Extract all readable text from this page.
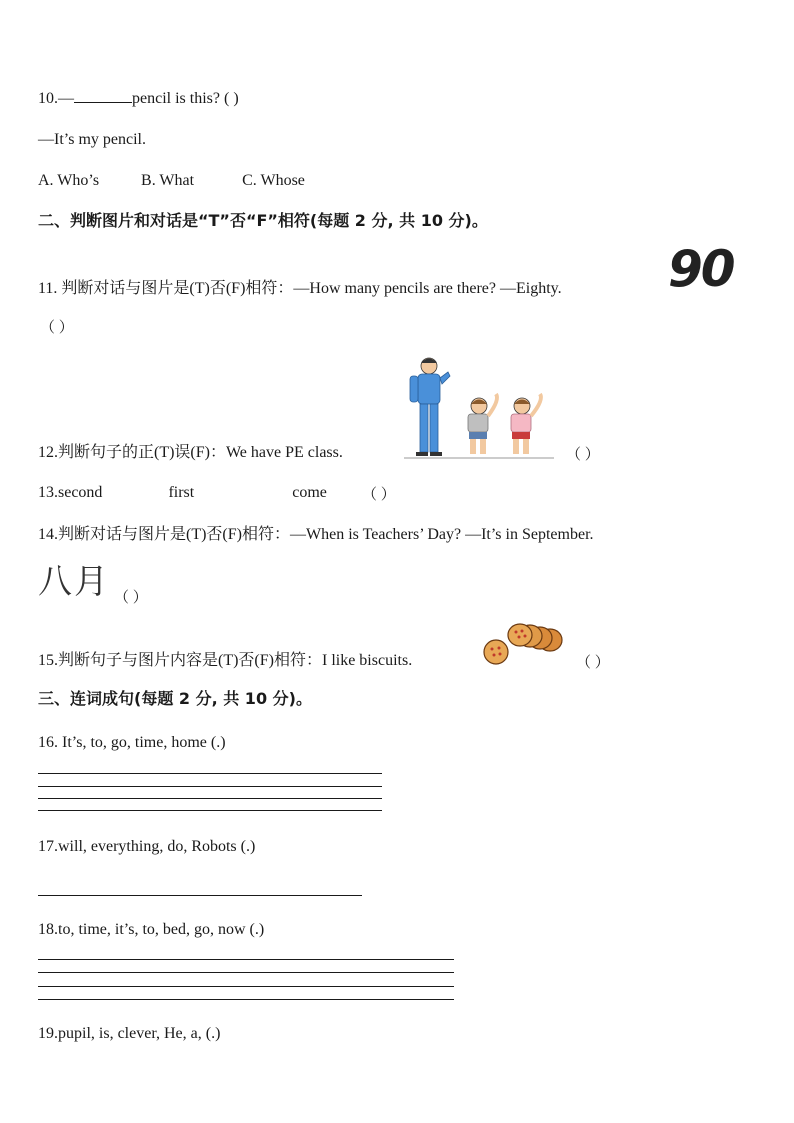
10.—	pencil is this? ( )
—It’s my pencil.
A. Who’s	B. What	C. Whose
二、判断图片和对话是“T”否“F”相符(每题 2 分, 共 10 分)。
11. 判断对话与图片是(T)否(F)相符：—How many pencils are there? —Eighty. 90
（ ）
12.判断句子的正(T)误(F)：We have PE class.	（ ）
13.second	first	come （ ）
14.判断对话与图片是(T)否(F)相符：—When is Teachers’ Day? —It’s in September.
八月 （ ）
15.判断句子与图片内容是(T)否(F)相符：I like biscuits.	（ ）
三、连词成句(每题 2 分, 共 10 分)。
16. It’s, to, go, time, home (.)
17.will, everything, do, Robots (.)
18.to, time, it’s, to, bed, go, now (.)
19.pupil, is, clever, He, a, (.)
